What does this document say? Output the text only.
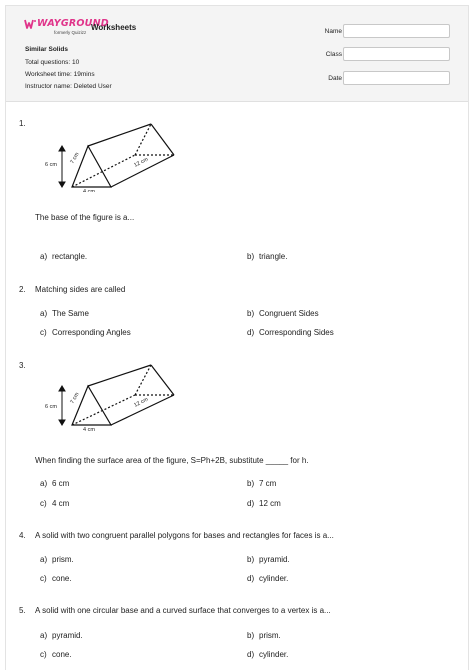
WAYGROUND
formerly Quizizz
Worksheets
Similar Solids
Total questions: 10
Worksheet time: 19mins
Instructor name: Deleted User
Name
Class
Date
1.
6 cm 7 cm
4 cm
12 cm
The base of the figure is a...
a) rectangle.	b) triangle.
2. Matching sides are called
a) The Same	b) Congruent Sides
c) Corresponding Angles	d) Corresponding Sides
3.
6 cm
7 cm
4 cm
12 cm
When finding the surface area of the figure, S=Ph+2B, substitute _____ for h.
a) 6 cm	b) 7 cm
c) 4 cm	d) 12 cm
4. A solid with two congruent parallel polygons for bases and rectangles for faces is a...
a) prism.	b) pyramid.
c) cone.	d) cylinder.
5. A solid with one circular base and a curved surface that converges to a vertex is a...
a) pyramid.	b) prism.
c) cone.	d) cylinder.
